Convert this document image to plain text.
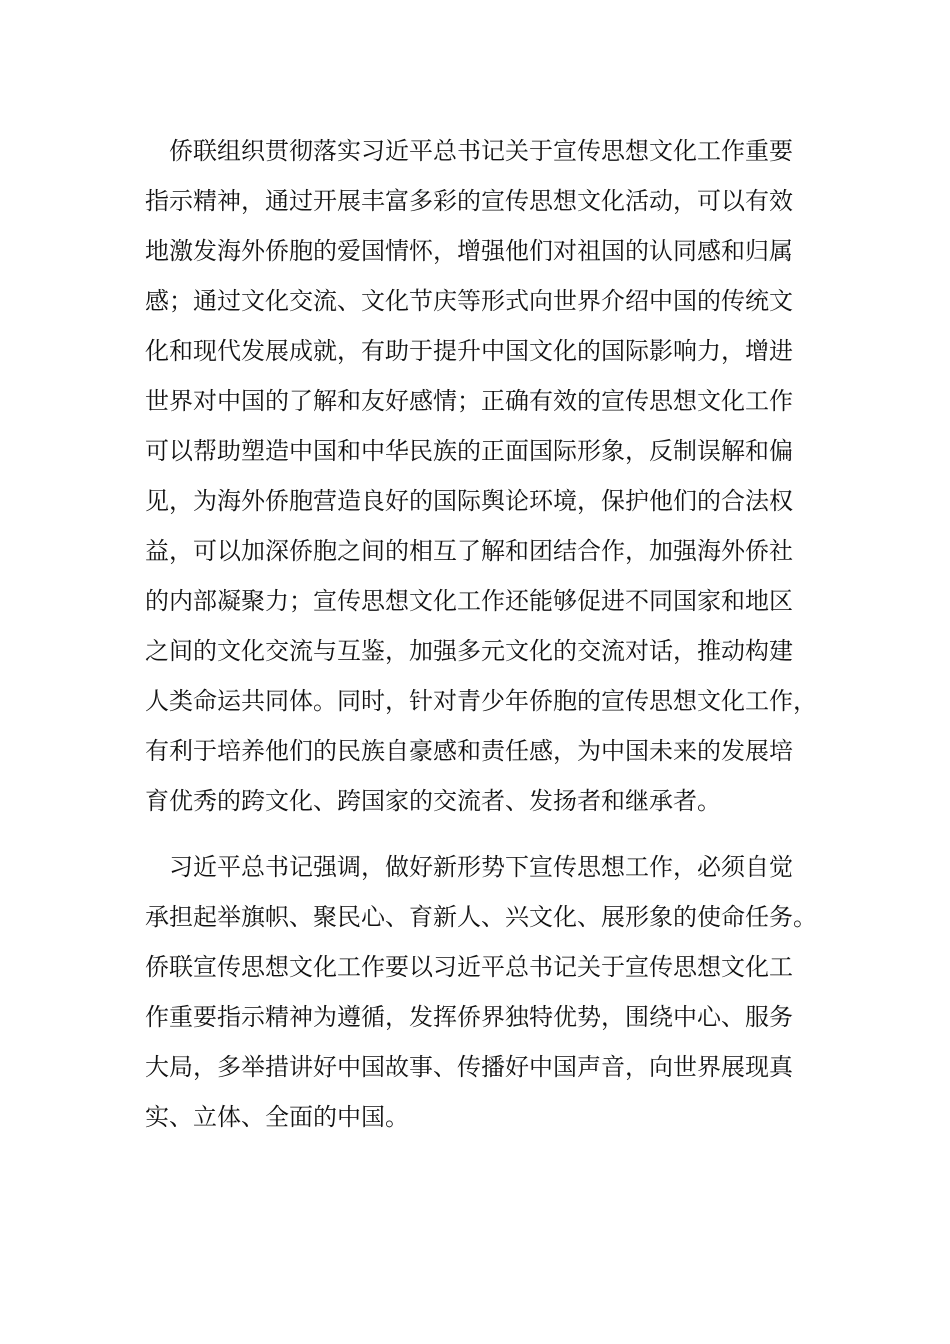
　侨联组织贯彻落实习近平总书记关于宣传思想文化工作重要
指示精神，通过开展丰富多彩的宣传思想文化活动，可以有效
地激发海外侨胞的爱国情怀，增强他们对祖国的认同感和归属
感；通过文化交流、文化节庆等形式向世界介绍中国的传统文
化和现代发展成就，有助于提升中国文化的国际影响力，增进
世界对中国的了解和友好感情；正确有效的宣传思想文化工作
可以帮助塑造中国和中华民族的正面国际形象，反制误解和偏
见，为海外侨胞营造良好的国际舆论环境，保护他们的合法权
益，可以加深侨胞之间的相互了解和团结合作，加强海外侨社
的内部凝聚力；宣传思想文化工作还能够促进不同国家和地区
之间的文化交流与互鉴，加强多元文化的交流对话，推动构建
人类命运共同体。同时，针对青少年侨胞的宣传思想文化工作，
有利于培养他们的民族自豪感和责任感，为中国未来的发展培
育优秀的跨文化、跨国家的交流者、发扬者和继承者。
　习近平总书记强调，做好新形势下宣传思想工作，必须自觉
承担起举旗帜、聚民心、育新人、兴文化、展形象的使命任务。
侨联宣传思想文化工作要以习近平总书记关于宣传思想文化工
作重要指示精神为遵循，发挥侨界独特优势，围绕中心、服务
大局，多举措讲好中国故事、传播好中国声音，向世界展现真
实、立体、全面的中国。
